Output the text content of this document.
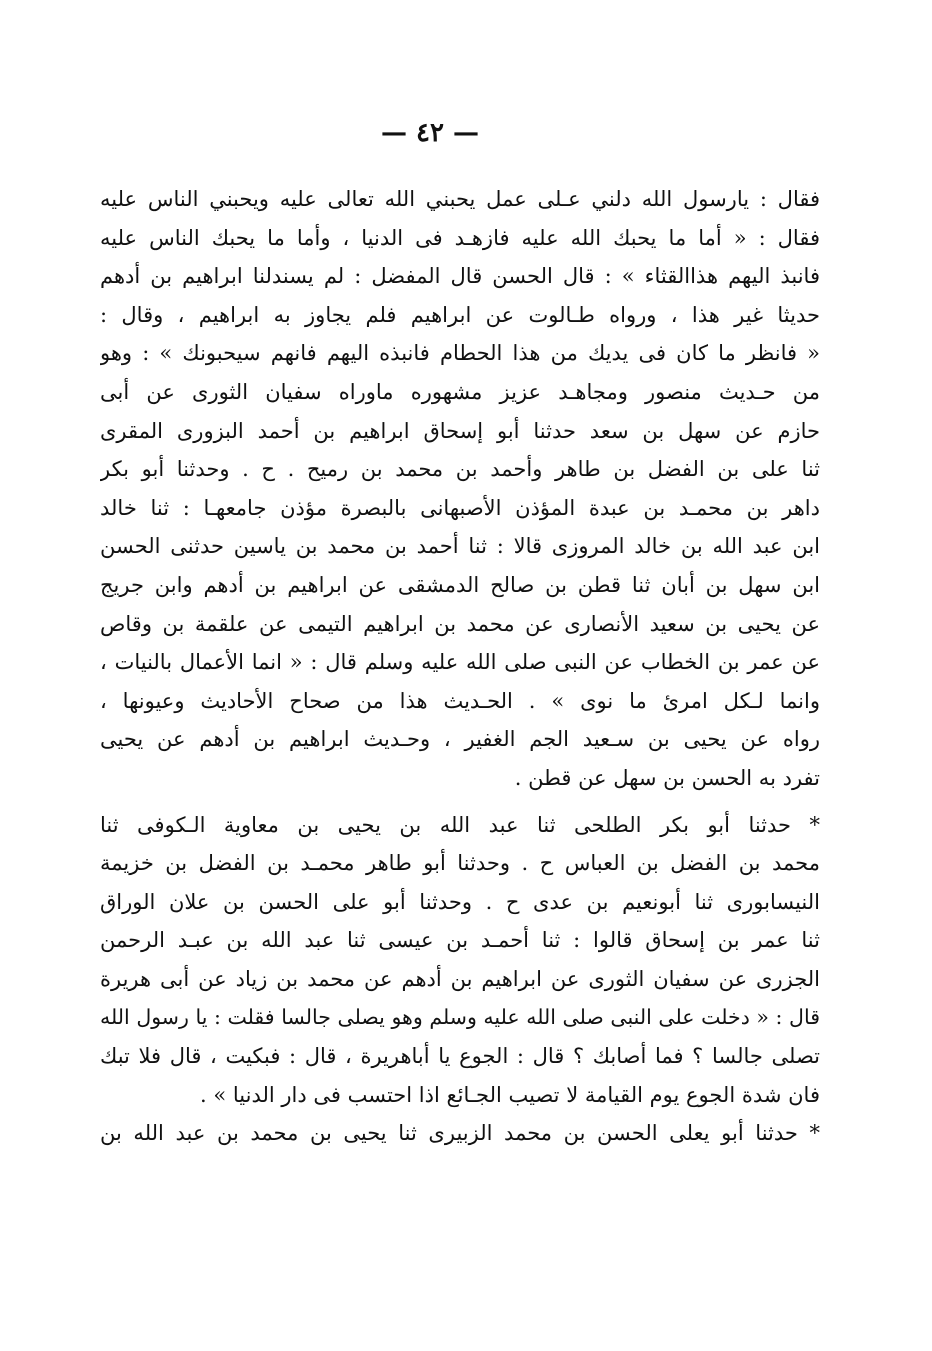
— ٤٢ —
فقال : يارسول الله دلني عـلى عمل يحبني الله تعالى عليه ويحبني الناس عليه
فقال : « أما ما يحبك الله عليه فازهـد فى الدنيا ، وأما ما يحبك الناس عليه
فانبذ اليهم هذاالقثاء » : قال الحسن قال المفضل : لم يسندلنا ابراهيم بن أدهم
حديثا غير هذا ، ورواه طـالوت عن ابراهيم فلم يجاوز به ابراهيم ، وقال :
« فانظر ما كان فى يديك من هذا الحطام فانبذه اليهم فانهم سيحبونك » : وهو
من حـديث منصور ومجاهـد عزيز مشهوره ماوراه سفيان الثورى عن أبى
حازم عن سهل بن سعد حدثنا أبو إسحاق ابراهيم بن أحمد البزورى المقرى
ثنا على بن الفضل بن طاهر وأحمد بن محمد بن رميح . ح . وحدثنا أبو بكر
داهر بن محمـد بن عبدة المؤذن الأصبهانى بالبصرة مؤذن جامعهـا : ثنا خالد
ابن عبد الله بن خالد المروزى قالا : ثنا أحمد بن محمد بن ياسين حدثنى الحسن
ابن سهل بن أبان ثنا قطن بن صالح الدمشقى عن ابراهيم بن أدهم وابن جريج
عن يحيى بن سعيد الأنصارى عن محمد بن ابراهيم التيمى عن علقمة بن وقاص
عن عمر بن الخطاب عن النبى صلى الله عليه وسلم قال : « انما الأعمال بالنيات ،
وانما لـكل امرئ ما نوى » . الحـديث هذا من صحاح الأحاديث وعيونها ،
رواه عن يحيى بن سـعيد الجم الغفير ، وحـديث ابراهيم بن أدهم عن يحيى
تفرد به الحسن بن سهل عن قطن .
* حدثنا أبو بكر الطلحى ثنا عبد الله بن يحيى بن معاوية الـكوفى ثنا
محمد بن الفضل بن العباس ح . وحدثنا أبو طاهر محمـد بن الفضل بن خزيمة
النيسابورى ثنا أبونعيم بن عدى ح . وحدثنا أبو على الحسن بن علان الوراق
ثنا عمر بن إسحاق قالوا : ثنا أحمـد بن عيسى ثنا عبد الله بن عبـد الرحمن
الجزرى عن سفيان الثورى عن ابراهيم بن أدهم عن محمد بن زياد عن أبى هريرة
قال : « دخلت على النبى صلى الله عليه وسلم وهو يصلى جالسا فقلت : يا رسول الله
تصلى جالسا ؟ فما أصابك ؟ قال : الجوع يا أباهريرة ، قال : فبكيت ، قال فلا تبك
فان شدة الجوع يوم القيامة لا تصيب الجـائع اذا احتسب فى دار الدنيا » .
* حدثنا أبو يعلى الحسن بن محمد الزبيرى ثنا يحيى بن محمد بن عبد الله بن
